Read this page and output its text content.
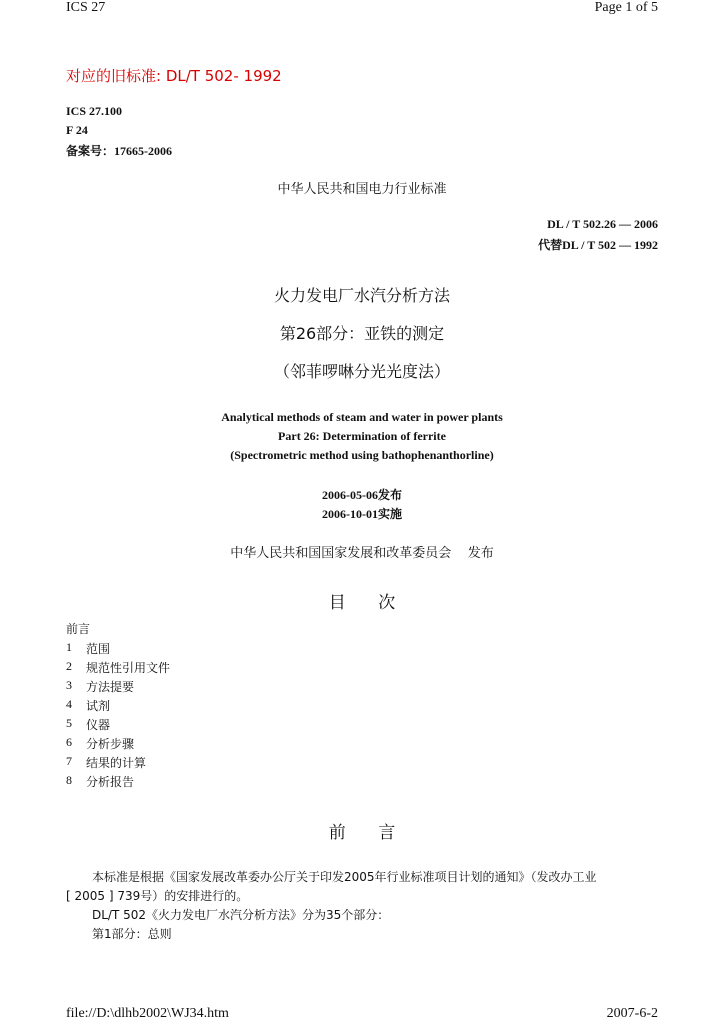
ICS 27	Page 1 of 5
对应的旧标准: DL/T 502- 1992
ICS 27.100
F 24
备案号：17665-2006
中华人民共和国电力行业标准
DL / T 502.26 — 2006
代替DL / T 502 — 1992
火力发电厂水汽分析方法
第26部分：亚铁的测定
（邻菲啰啉分光光度法）
Analytical methods of steam and water in power plants
Part 26: Determination of ferrite
(Spectrometric method using bathophenanthorline)
2006-05-06发布
2006-10-01实施
中华人民共和国国家发展和改革委员会    发布
目      次
前言
1	范围
2	规范性引用文件
3	方法提要
4	试剂
5	仪器
6	分析步骤
7	结果的计算
8	分析报告
前      言
本标准是根据《国家发展改革委办公厅关于印发2005年行业标准项目计划的通知》（发改办工业
[ 2005 ] 739号）的安排进行的。
DL/T 502《火力发电厂水汽分析方法》分为35个部分：
第1部分：总则
file://D:\dlhb2002\WJ34.htm	2007-6-2
